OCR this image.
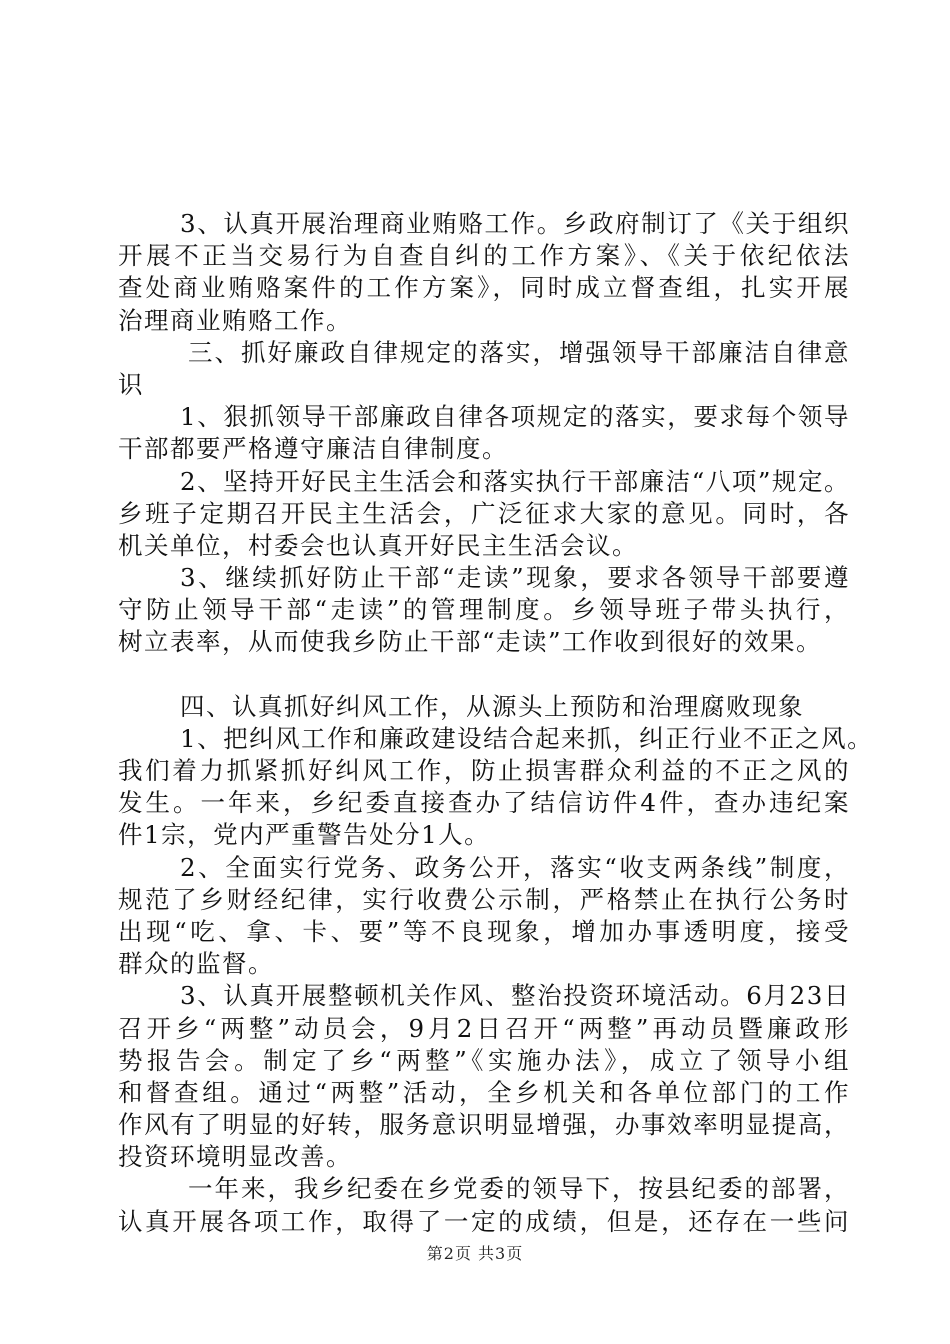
3、认真开展治理商业贿赂工作。乡政府制订了《关于组织
开展不正当交易行为自查自纠的工作方案》、《关于依纪依法
查处商业贿赂案件的工作方案》，同时成立督查组，扎实开展
治理商业贿赂工作。
三、抓好廉政自律规定的落实，增强领导干部廉洁自律意
识
1、狠抓领导干部廉政自律各项规定的落实，要求每个领导
干部都要严格遵守廉洁自律制度。
2、坚持开好民主生活会和落实执行干部廉洁“八项”规定。
乡班子定期召开民主生活会，广泛征求大家的意见。同时，各
机关单位，村委会也认真开好民主生活会议。
3、继续抓好防止干部“走读”现象，要求各领导干部要遵
守防止领导干部“走读”的管理制度。乡领导班子带头执行，
树立表率，从而使我乡防止干部“走读”工作收到很好的效果。
四、认真抓好纠风工作，从源头上预防和治理腐败现象
1、把纠风工作和廉政建设结合起来抓，纠正行业不正之风。
我们着力抓紧抓好纠风工作，防止损害群众利益的不正之风的
发生。一年来，乡纪委直接查办了结信访件4件，查办违纪案
件1宗，党内严重警告处分1人。
2、全面实行党务、政务公开，落实“收支两条线”制度，
规范了乡财经纪律，实行收费公示制，严格禁止在执行公务时
出现“吃、拿、卡、要”等不良现象，增加办事透明度，接受
群众的监督。
3、认真开展整顿机关作风、整治投资环境活动。6月23日
召开乡“两整”动员会，9月2日召开“两整”再动员暨廉政形
势报告会。制定了乡“两整”《实施办法》，成立了领导小组
和督查组。通过“两整”活动，全乡机关和各单位部门的工作
作风有了明显的好转，服务意识明显增强，办事效率明显提高，
投资环境明显改善。
一年来，我乡纪委在乡党委的领导下，按县纪委的部署，
认真开展各项工作，取得了一定的成绩，但是，还存在一些问
第2页 共3页
